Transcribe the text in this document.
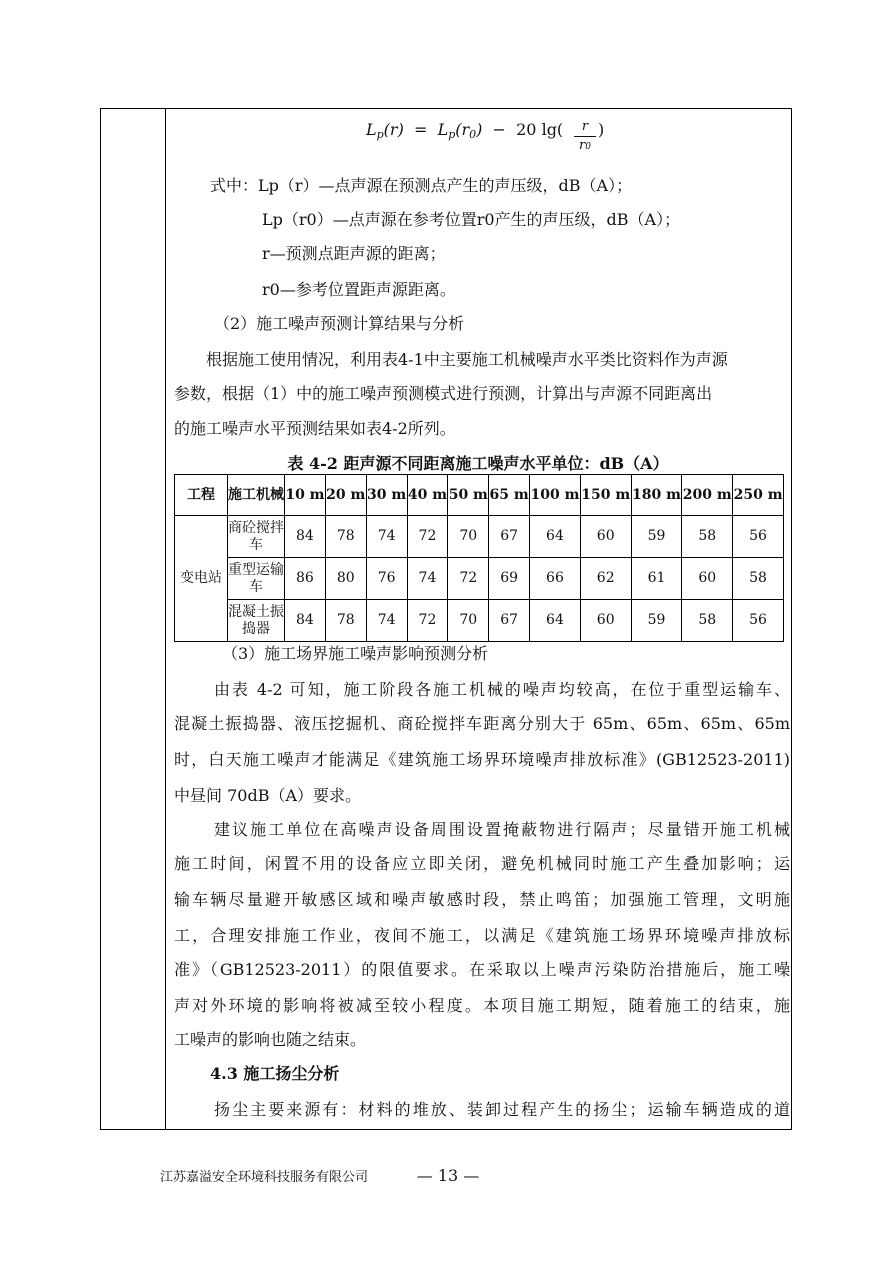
$L_p(r) = L_p(r_0) - 20$ lg(	r
r0
)
式中：Lp（r）—点声源在预测点产生的声压级，dB（A）；
Lp（r0）—点声源在参考位置r0产生的声压级，dB（A）；
r—预测点距声源的距离；
r0—参考位置距声源距离。
（2）施工噪声预测计算结果与分析
根据施工使用情况，利用表4-1中主要施工机械噪声水平类比资料作为声源
参数，根据（1）中的施工噪声预测模式进行预测，计算出与声源不同距离出
的施工噪声水平预测结果如表4-2所列。
表 4-2 距声源不同距离施工噪声水平单位：dB（A）
工程	施工机械	10 m	20 m	30 m	40 m	50 m	65 m	100 m	150 m	180 m	200 m	250 m
变电站	商砼搅拌车	84	78	74	72	70	67	64	60	59	58	56
	重型运输车	86	80	76	74	72	69	66	62	61	60	58
	混凝土振捣器	84	78	74	72	70	67	64	60	59	58	56
（3）施工场界施工噪声影响预测分析
由表 4-2 可知，施工阶段各施工机械的噪声均较高，在位于重型运输车、
混凝土振捣器、液压挖掘机、商砼搅拌车距离分别大于 65m、65m、65m、65m
时，白天施工噪声才能满足《建筑施工场界环境噪声排放标准》(GB12523-2011)
中昼间 70dB（A）要求。
建议施工单位在高噪声设备周围设置掩蔽物进行隔声；尽量错开施工机械
施工时间，闲置不用的设备应立即关闭，避免机械同时施工产生叠加影响；运
输车辆尽量避开敏感区域和噪声敏感时段，禁止鸣笛；加强施工管理，文明施
工，合理安排施工作业，夜间不施工，以满足《建筑施工场界环境噪声排放标
准》（GB12523-2011）的限值要求。在采取以上噪声污染防治措施后，施工噪
声对外环境的影响将被减至较小程度。本项目施工期短，随着施工的结束，施
工噪声的影响也随之结束。
4.3 施工扬尘分析
扬尘主要来源有：材料的堆放、装卸过程产生的扬尘；运输车辆造成的道
江苏嘉溢安全环境科技服务有限公司	— 13 —
